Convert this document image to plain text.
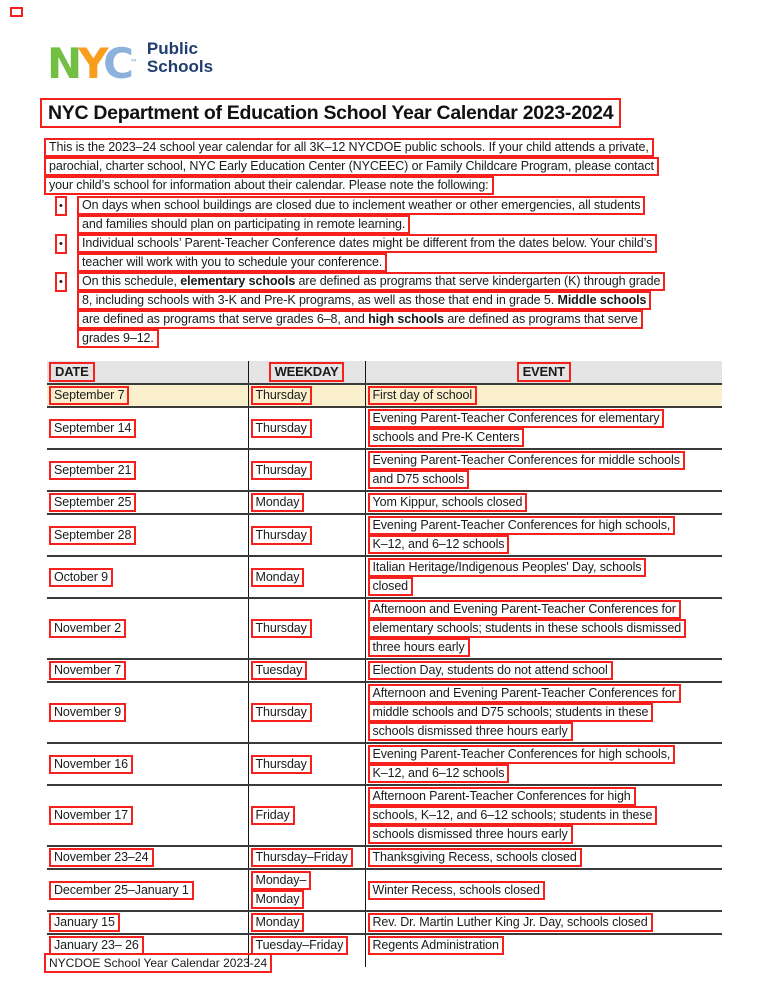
NYC™
Public
Schools
NYC Department of Education School Year Calendar 2023-2024
This is the 2023–24 school year calendar for all 3K–12 NYCDOE public schools. If your child attends a private,
parochial, charter school, NYC Early Education Center (NYCEEC) or Family Childcare Program, please contact
your child’s school for information about their calendar. Please note the following:
•	On days when school buildings are closed due to inclement weather or other emergencies, all students
and families should plan on participating in remote learning.
•	Individual schools’ Parent-Teacher Conference dates might be different from the dates below. Your child’s
teacher will work with you to schedule your conference.
•	On this schedule, elementary schools are defined as programs that serve kindergarten (K) through grade
8, including schools with 3-K and Pre-K programs, as well as those that end in grade 5. Middle schools
are defined as programs that serve grades 6–8, and high schools are defined as programs that serve
grades 9–12.
DATE	WEEKDAY	EVENT

September 7	Thursday	First day of school

September 14	Thursday	Evening Parent-Teacher Conferences for elementary
schools and Pre-K Centers

September 21	Thursday	Evening Parent-Teacher Conferences for middle schools
and D75 schools

September 25	Monday	Yom Kippur, schools closed

September 28	Thursday	Evening Parent-Teacher Conferences for high schools,
K–12, and 6–12 schools

October 9	Monday	Italian Heritage/Indigenous Peoples' Day, schools
closed

November 2	Thursday	Afternoon and Evening Parent-Teacher Conferences for
elementary schools; students in these schools dismissed
three hours early

November 7	Tuesday	Election Day, students do not attend school

November 9	Thursday	Afternoon and Evening Parent-Teacher Conferences for
middle schools and D75 schools; students in these
schools dismissed three hours early

November 16	Thursday	Evening Parent-Teacher Conferences for high schools,
K–12, and 6–12 schools

November 17	Friday	Afternoon Parent-Teacher Conferences for high
schools, K–12, and 6–12 schools; students in these
schools dismissed three hours early

November 23–24	Thursday–Friday	Thanksgiving Recess, schools closed

December 25–January 1	Monday–
Monday	Winter Recess, schools closed

January 15	Monday	Rev. Dr. Martin Luther King Jr. Day, schools closed

January 23– 26	Tuesday–Friday	Regents Administration

NYCDOE School Year Calendar 2023-24
